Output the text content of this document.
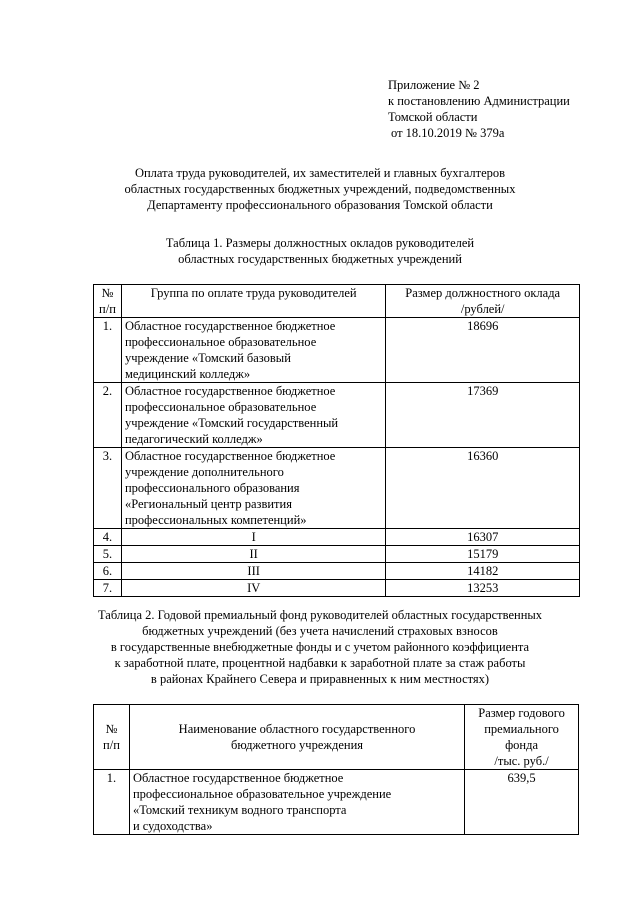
Приложение № 2
к постановлению Администрации
Томской области
от 18.10.2019 № 379а
Оплата труда руководителей, их заместителей и главных бухгалтеров
областных государственных бюджетных учреждений, подведомственных
Департаменту профессионального образования Томской области
Таблица 1. Размеры должностных окладов руководителей
областных государственных бюджетных учреждений
№
п/п	Группа по оплате труда руководителей	Размер должностного оклада
/рублей/
1.	Областное государственное бюджетное
профессиональное образовательное
учреждение «Томский базовый
медицинский колледж»	18696
2.	Областное государственное бюджетное
профессиональное образовательное
учреждение «Томский государственный
педагогический колледж»	17369
3.	Областное государственное бюджетное
учреждение дополнительного
профессионального образования
«Региональный центр развития
профессиональных компетенций»	16360
4.	I	16307
5.	II	15179
6.	III	14182
7.	IV	13253
Таблица 2. Годовой премиальный фонд руководителей областных государственных
бюджетных учреждений (без учета начислений страховых взносов
в государственные внебюджетные фонды и с учетом районного коэффициента
к заработной плате, процентной надбавки к заработной плате за стаж работы
в районах Крайнего Севера и приравненных к ним местностях)
№
п/п	Наименование областного государственного
бюджетного учреждения	Размер годового
премиального
фонда
/тыс. руб./
1.	Областное государственное бюджетное
профессиональное образовательное учреждение
«Томский техникум водного транспорта
и судоходства»	639,5
